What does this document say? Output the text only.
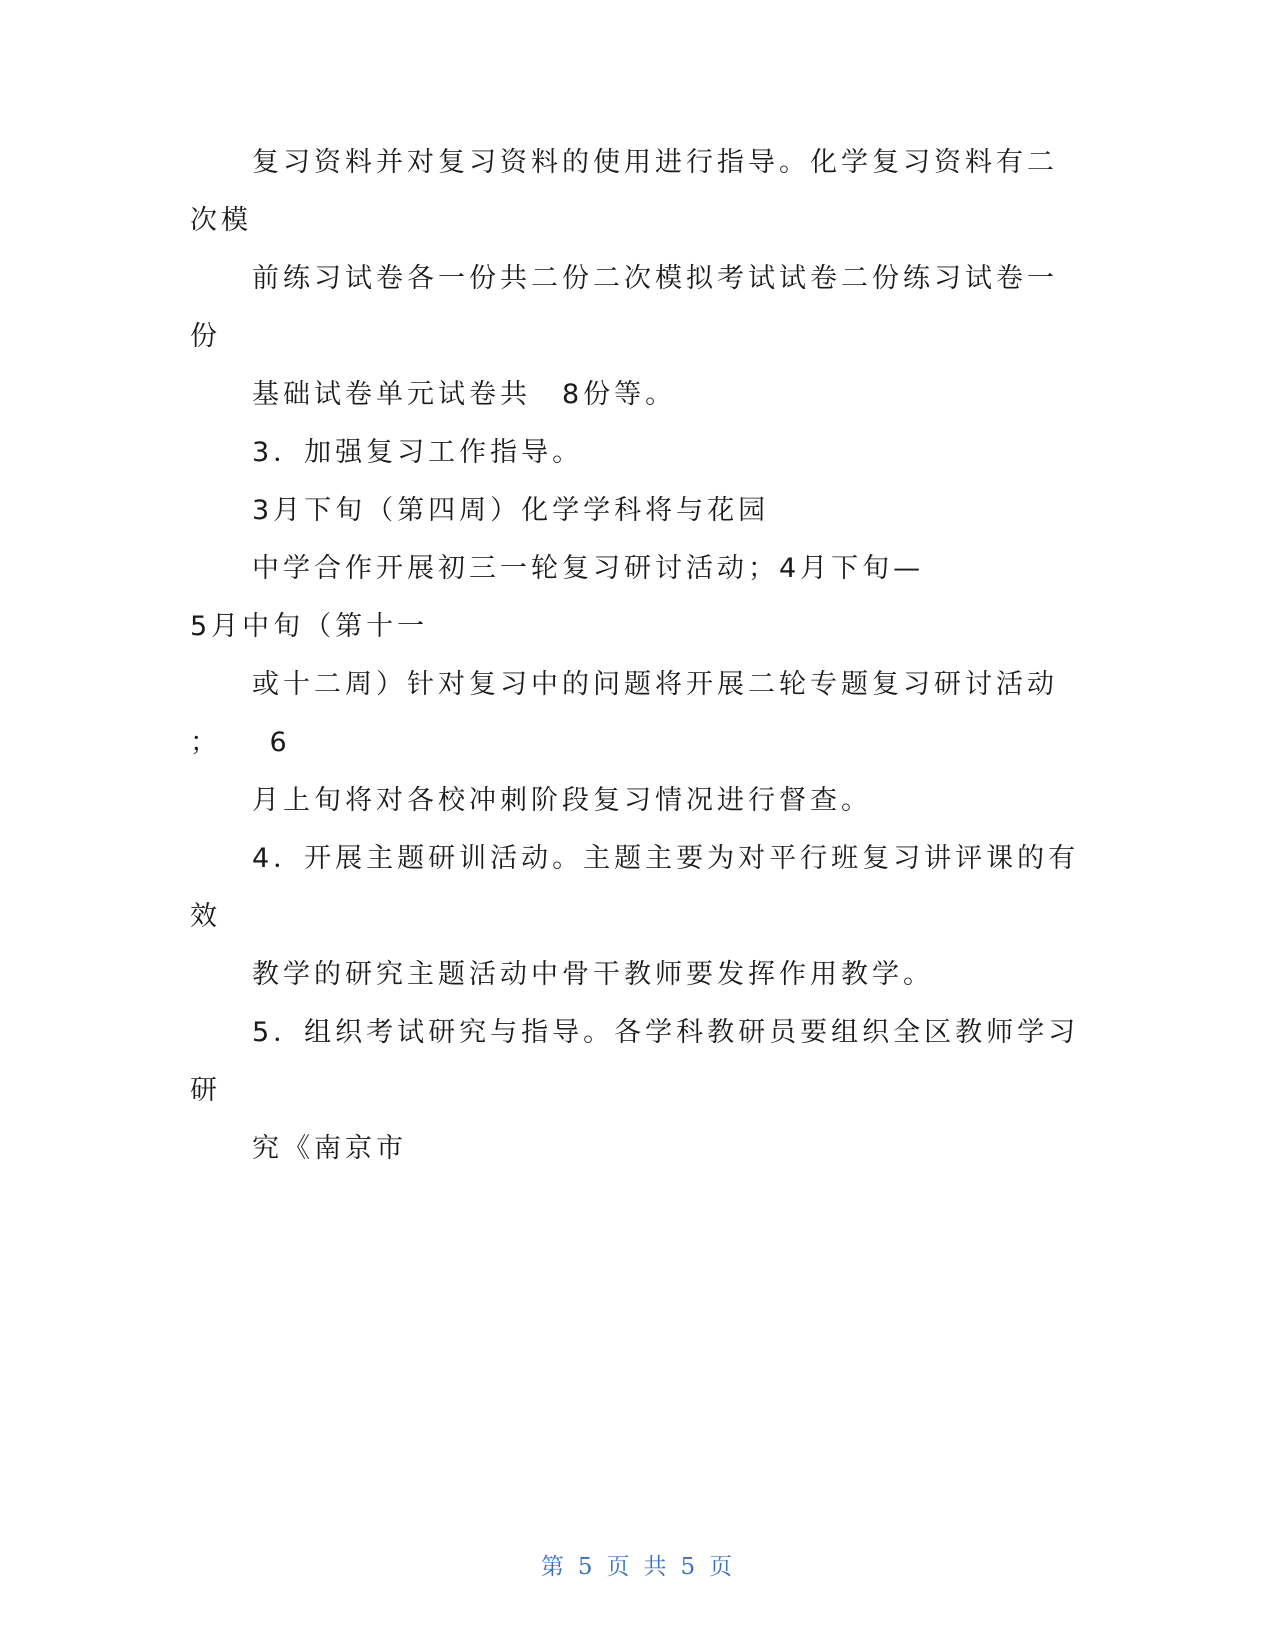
复习资料并对复习资料的使用进行指导。化学复习资料有二
次模
前练习试卷各一份共二份二次模拟考试试卷二份练习试卷一
份
基础试卷单元试卷共　8份等。
3．加强复习工作指导。
3月下旬（第四周）化学学科将与花园
中学合作开展初三一轮复习研讨活动；4月下旬—
5月中旬（第十一
或十二周）针对复习中的问题将开展二轮专题复习研讨活动
；　　6
月上旬将对各校冲刺阶段复习情况进行督查。
4．开展主题研训活动。主题主要为对平行班复习讲评课的有
效
教学的研究主题活动中骨干教师要发挥作用教学。
5．组织考试研究与指导。各学科教研员要组织全区教师学习
研
究《南京市
第 5 页 共 5 页
